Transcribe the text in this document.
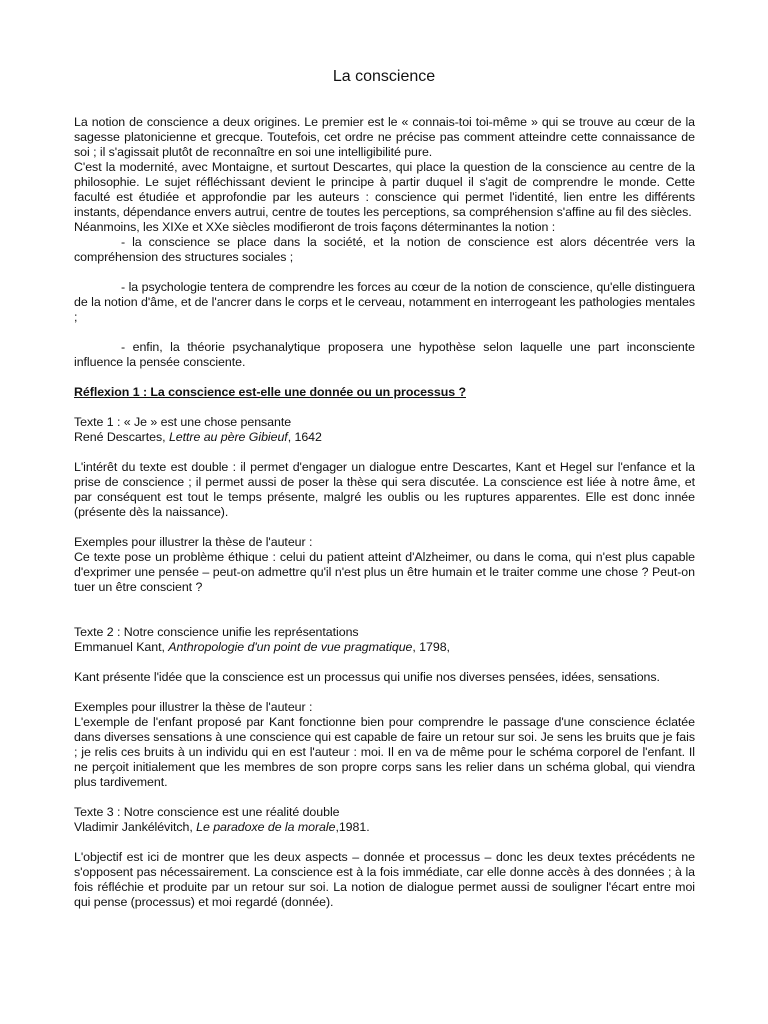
La conscience

La notion de conscience a deux origines. Le premier est le « connais-toi toi-même » qui se trouve au cœur de la sagesse platonicienne et grecque. Toutefois, cet ordre ne précise pas comment atteindre cette connaissance de soi ; il s'agissait plutôt de reconnaître en soi une intelligibilité pure.

C'est la modernité, avec Montaigne, et surtout Descartes, qui place la question de la conscience au centre de la philosophie. Le sujet réfléchissant devient le principe à partir duquel il s'agit de comprendre le monde. Cette faculté est étudiée et approfondie par les auteurs : conscience qui permet l'identité, lien entre les différents instants, dépendance envers autrui, centre de toutes les perceptions, sa compréhension s'affine au fil des siècles.

Néanmoins, les XIXe et XXe siècles modifieront de trois façons déterminantes la notion :

- la conscience se place dans la société, et la notion de conscience est alors décentrée vers la compréhension des structures sociales ;

- la psychologie tentera de comprendre les forces au cœur de la notion de conscience, qu'elle distinguera de la notion d'âme, et de l'ancrer dans le corps et le cerveau, notamment en interrogeant les pathologies mentales ;

- enfin, la théorie psychanalytique proposera une hypothèse selon laquelle une part inconsciente influence la pensée consciente.

Réflexion 1 : La conscience est-elle une donnée ou un processus ?

Texte 1 : « Je » est une chose pensante

René Descartes, Lettre au père Gibieuf, 1642

L'intérêt du texte est double : il permet d'engager un dialogue entre Descartes, Kant et Hegel sur l'enfance et la prise de conscience ; il permet aussi de poser la thèse qui sera discutée. La conscience est liée à notre âme, et par conséquent est tout le temps présente, malgré les oublis ou les ruptures apparentes. Elle est donc innée (présente dès la naissance).

Exemples pour illustrer la thèse de l'auteur :

Ce texte pose un problème éthique : celui du patient atteint d'Alzheimer, ou dans le coma, qui n'est plus capable d'exprimer une pensée – peut-on admettre qu'il n'est plus un être humain et le traiter comme une chose ? Peut-on tuer un être conscient ?

Texte 2 : Notre conscience unifie les représentations

Emmanuel Kant, Anthropologie d'un point de vue pragmatique, 1798,

Kant présente l'idée que la conscience est un processus qui unifie nos diverses pensées, idées, sensations.

Exemples pour illustrer la thèse de l'auteur :

L'exemple de l'enfant proposé par Kant fonctionne bien pour comprendre le passage d'une conscience éclatée dans diverses sensations à une conscience qui est capable de faire un retour sur soi. Je sens les bruits que je fais ; je relis ces bruits à un individu qui en est l'auteur : moi. Il en va de même pour le schéma corporel de l'enfant. Il ne perçoit initialement que les membres de son propre corps sans les relier dans un schéma global, qui viendra plus tardivement.

Texte 3 : Notre conscience est une réalité double

Vladimir Jankélévitch, Le paradoxe de la morale,1981.

L'objectif est ici de montrer que les deux aspects – donnée et processus – donc les deux textes précédents ne s'opposent pas nécessairement. La conscience est à la fois immédiate, car elle donne accès à des données ; à la fois réfléchie et produite par un retour sur soi. La notion de dialogue permet aussi de souligner l'écart entre moi qui pense (processus) et moi regardé (donnée).
